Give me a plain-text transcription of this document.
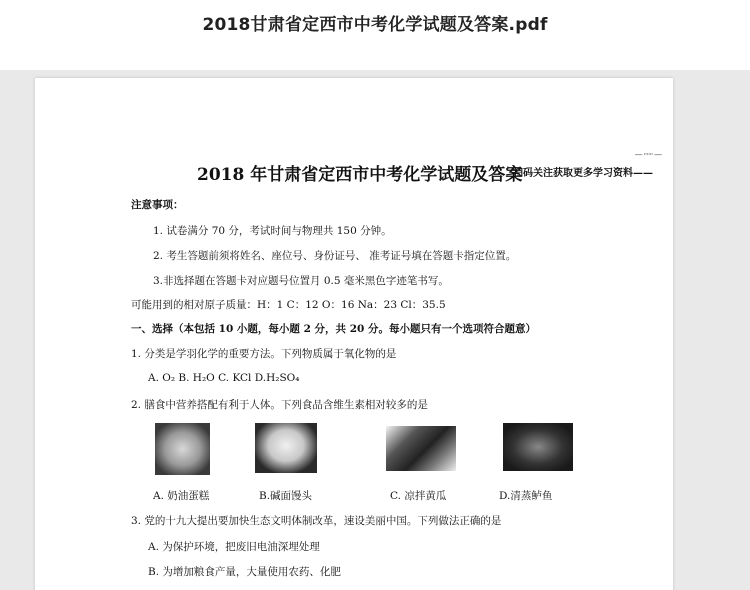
2018甘肃省定西市中考化学试题及答案.pdf
— ······ —
2018 年甘肃省定西市中考化学试题及答案
扫码关注获取更多学习资料——
注意事项：
1. 试卷满分 70 分，考试时间与物理共 150 分钟。
2. 考生答题前须将姓名、座位号、身份证号、 准考证号填在答题卡指定位置。
3.非选择题在答题卡对应题号位置月 0.5 毫米黑色字迹笔书写。
可能用到的相对原子质量：H：1 C：12 O：16 Na：23 Cl：35.5
一、选择（本包括 10 小题，每小题 2 分，共 20 分。每小题只有一个选项符合题意）
1. 分类是学羽化学的重要方法。下列物质属于氧化物的是
A. O₂ B. H₂O C. KCl D.H₂SO₄
2. 膳食中营养搭配有利于人体。下列食品含维生素相对较多的是
A. 奶油蛋糕	B.碱面馒头	C. 凉拌黄瓜	D.清蒸鲈鱼
3. 党的十九大提出要加快生态文明体制改革，速设美丽中国。下列做法正确的是
A. 为保护环境，把废旧电油深埋处理
B. 为增加粮食产量，大量使用农药、化肥
